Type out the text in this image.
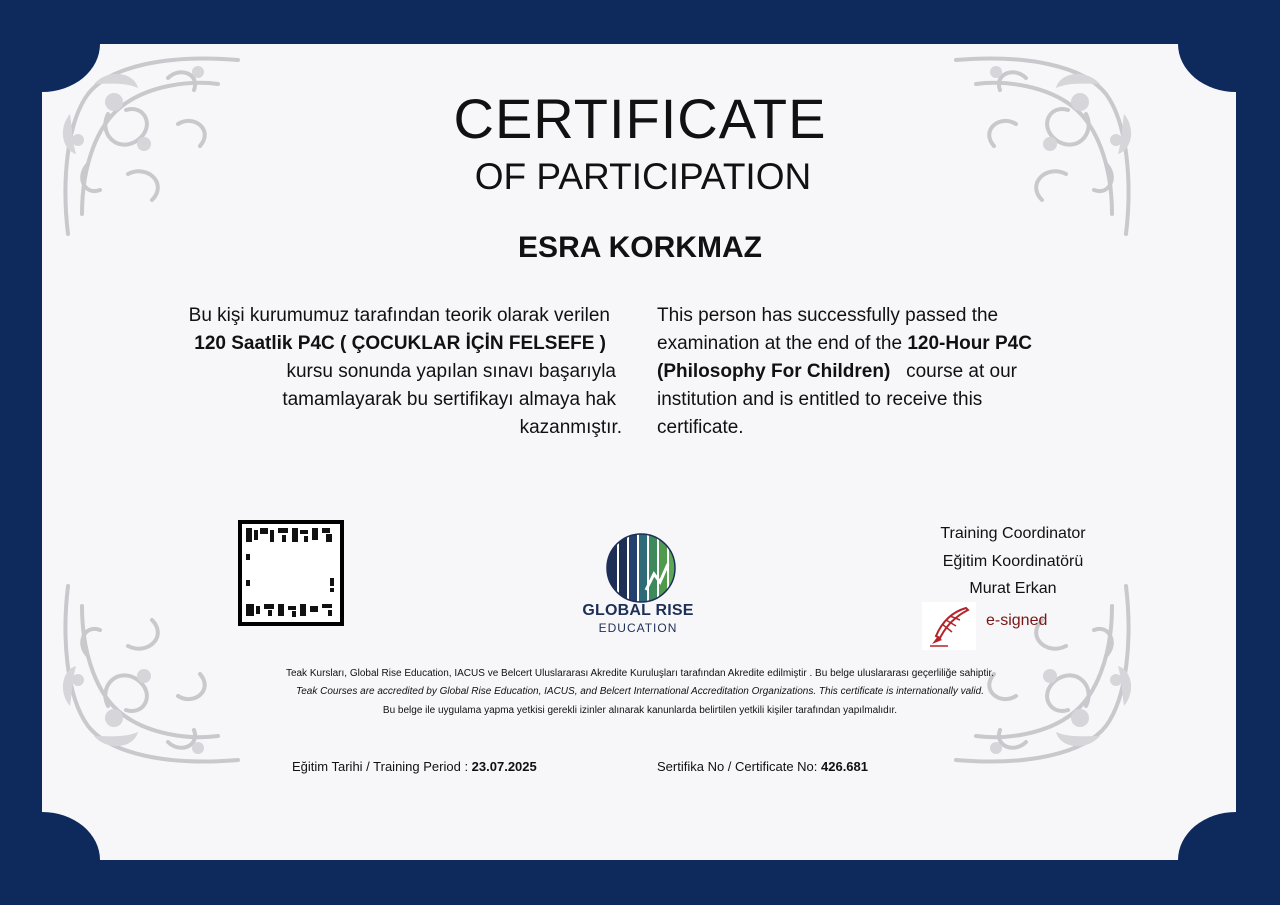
CERTIFICATE
OF PARTICIPATION
ESRA KORKMAZ
Bu kişi kurumumuz tarafından teorik olarak verilen
120 Saatlik P4C ( ÇOCUKLAR İÇİN FELSEFE )
kursu sonunda yapılan sınavı başarıyla
tamamlayarak bu sertifikayı almaya hak
kazanmıştır.
This person has successfully passed the
examination at the end of the 120-Hour P4C
(Philosophy For Children)   course at our
institution and is entitled to receive this
certificate.
GLOBAL RISE
EDUCATION
Training Coordinator
Eğitim Koordinatörü
Murat Erkan
e-signed
Teak Kursları, Global Rise Education, IACUS ve Belcert Uluslararası Akredite Kuruluşları tarafından Akredite edilmiştir . Bu belge uluslararası geçerliliğe sahiptir.
Teak Courses are accredited by Global Rise Education, IACUS, and Belcert International Accreditation Organizations. This certificate is internationally valid.
Bu belge ile uygulama yapma yetkisi gerekli izinler alınarak kanunlarda belirtilen yetkili kişiler tarafından yapılmalıdır.
Eğitim Tarihi / Training Period : 23.07.2025	Sertifika No / Certificate No: 426.681
